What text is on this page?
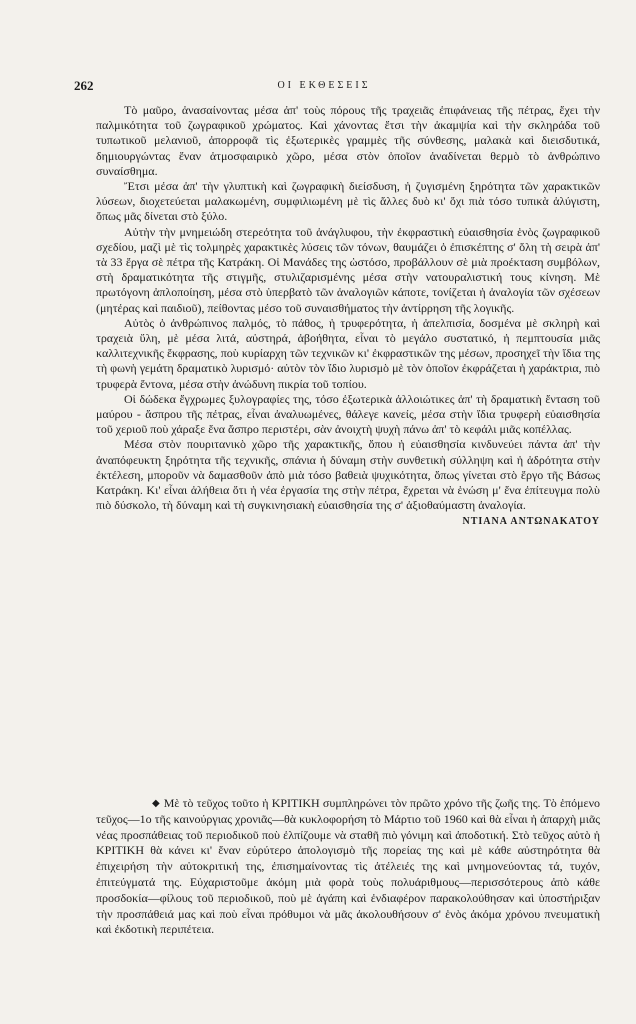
262	ΟΙ ΕΚΘΕΣΕΙΣ

Τὸ μαῦρο, ἀνασαίνοντας μέσα ἀπ' τοὺς πόρους τῆς τραχειᾶς ἐπιφάνειας τῆς πέτρας, ἔχει τὴν παλμικότητα τοῦ ζωγραφικοῦ χρώματος. Καὶ χάνοντας ἔτσι τὴν ἀκαμψία καὶ τὴν σκληράδα τοῦ τυπωτικοῦ μελανιοῦ, ἀπορροφᾶ τὶς ἐξωτερικὲς γραμμὲς τῆς σύνθεσης, μαλακὰ καὶ διεισδυτικά, δημιουργώντας ἕναν ἀτμοσφαιρικὸ χῶρο, μέσα στὸν ὁποῖον ἀναδίνεται θερμὸ τὸ ἀνθρώπινο συναίσθημα.

Ἔτσι μέσα ἀπ' τὴν γλυπτικὴ καὶ ζωγραφικὴ διείσδυση, ἡ ζυγισμένη ξηρότητα τῶν χαρακτικῶν λύσεων, διοχετεύεται μαλακωμένη, συμφιλιωμένη μὲ τὶς ἄλλες δυὸ κι' ὄχι πιὰ τόσο τυπικὰ ἀλύγιστη, ὅπως μᾶς δίνεται στὸ ξύλο.

Αὐτὴν τὴν μνημειώδη στερεότητα τοῦ ἀνάγλυφου, τὴν ἐκφραστικὴ εὐαισθησία ἑνὸς ζωγραφικοῦ σχεδίου, μαζὶ μὲ τὶς τολμηρὲς χαρακτικὲς λύσεις τῶν τόνων, θαυμάζει ὁ ἐπισκέπτης σ' ὅλη τὴ σειρὰ ἀπ' τὰ 33 ἔργα σὲ πέτρα τῆς Κατράκη. Οἱ Μανάδες της ὡστόσο, προβάλλουν σὲ μιὰ προέκταση συμβόλων, στὴ δραματικότητα τῆς στιγμῆς, στυλιζαρισμένης μέσα στὴν νατουραλιστική τους κίνηση. Μὲ πρωτόγονη ἁπλοποίηση, μέσα στὸ ὑπερβατὸ τῶν ἀναλογιῶν κάποτε, τονίζεται ἡ ἀναλογία τῶν σχέσεων (μητέρας καὶ παιδιοῦ), πείθοντας μέσο τοῦ συναισθήματος τὴν ἀντίρρηση τῆς λογικῆς.

Αὐτὸς ὁ ἀνθρώπινος παλμός, τὸ πάθος, ἡ τρυφερότητα, ἡ ἀπελπισία, δοσμένα μὲ σκληρὴ καὶ τραχειὰ ὕλη, μὲ μέσα λιτά, αὐστηρά, ἀβοήθητα, εἶναι τὸ μεγάλο συστατικό, ἡ πεμπτουσία μιᾶς καλλιτεχνικῆς ἔκφρασης, ποὺ κυρίαρχη τῶν τεχνικῶν κι' ἐκφραστικῶν της μέσων, προσηχεῖ τὴν ἴδια της τὴ φωνὴ γεμάτη δραματικὸ λυρισμό· αὐτὸν τὸν ἴδιο λυρισμὸ μὲ τὸν ὁποῖον ἐκφράζεται ἡ χαράκτρια, πιὸ τρυφερὰ ἔντονα, μέσα στὴν ἀνώδυνη πικρία τοῦ τοπίου.

Οἱ δώδεκα ἔγχρωμες ξυλογραφίες της, τόσο ἐξωτερικὰ ἀλλοιώτικες ἀπ' τὴ δραματικὴ ἔνταση τοῦ μαύρου - ἄσπρου τῆς πέτρας, εἶναι ἀναλυωμένες, θάλεγε κανείς, μέσα στὴν ἴδια τρυφερὴ εὐαισθησία τοῦ χεριοῦ ποὺ χάραξε ἕνα ἄσπρο περιστέρι, σὰν ἀνοιχτὴ ψυχὴ πάνω ἀπ' τὸ κεφάλι μιᾶς κοπέλλας.

Μέσα στὸν πουριτανικὸ χῶρο τῆς χαρακτικῆς, ὅπου ἡ εὐαισθησία κινδυνεύει πάντα ἀπ' τὴν ἀναπόφευκτη ξηρότητα τῆς τεχνικῆς, σπάνια ἡ δύναμη στὴν συνθετικὴ σύλληψη καὶ ἡ ἁδρότητα στὴν ἐκτέλεση, μποροῦν νὰ δαμασθοῦν ἀπὸ μιὰ τόσο βαθειὰ ψυχικότητα, ὅπως γίνεται στὸ ἔργο τῆς Βάσως Κατράκη. Κι' εἶναι ἀλήθεια ὅτι ἡ νέα ἐργασία της στὴν πέτρα, ἔχρεται νὰ ἑνώση μ' ἕνα ἐπίτευγμα πολὺ πιὸ δύσκολο, τὴ δύναμη καὶ τὴ συγκινησιακὴ εὐαισθησία της σ' ἀξιοθαύμαστη ἀναλογία.

ΝΤΙΑΝΑ ΑΝΤΩΝΑΚΑΤΟΥ

◆ Μὲ τὸ τεῦχος τοῦτο ἡ ΚΡΙΤΙΚΗ συμπληρώνει τὸν πρῶτο χρόνο τῆς ζωῆς της. Τὸ ἑπόμενο τεῦχος—1ο τῆς καινούργιας χρονιᾶς—θὰ κυκλοφορήση τὸ Μάρτιο τοῦ 1960 καὶ θὰ εἶναι ἡ ἀπαρχὴ μιᾶς νέας προσπάθειας τοῦ περιοδικοῦ ποὺ ἐλπίζουμε νὰ σταθῆ πιὸ γόνιμη καὶ ἀποδοτική. Στὸ τεῦχος αὐτὸ ἡ ΚΡΙΤΙΚΗ θὰ κάνει κι' ἕναν εὐρύτερο ἀπολογισμὸ τῆς πορείας της καὶ μὲ κάθε αὐστηρότητα θὰ ἐπιχειρήση τὴν αὐτοκριτική της, ἐπισημαίνοντας τὶς ἀτέλειές της καὶ μνημονεύοντας τά, τυχόν, ἐπιτεύγματά της. Εὐχαριστοῦμε ἀκόμη μιὰ φορὰ τοὺς πολυάριθμους—περισσότερους ἀπὸ κάθε προσδοκία—φίλους τοῦ περιοδικοῦ, ποὺ μὲ ἀγάπη καὶ ἐνδιαφέρον παρακολούθησαν καὶ ὑποστήριξαν τὴν προσπάθειά μας καὶ ποὺ εἶναι πρόθυμοι νὰ μᾶς ἀκολουθήσουν σ' ἑνὸς ἀκόμα χρόνου πνευματικὴ καὶ ἐκδοτικὴ περιπέτεια.
